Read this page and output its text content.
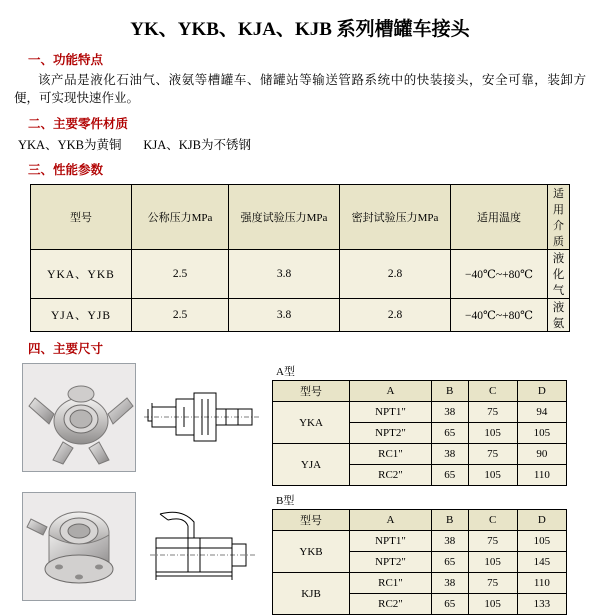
YK、YKB、KJA、KJB 系列槽罐车接头
一、功能特点
该产品是液化石油气、液氨等槽罐车、储罐站等输送管路系统中的快装接头，安全可靠，装卸方便，可实现快速作业。
二、主要零件材质
YKA、YKB为黄铜       KJA、KJB为不锈钢
三、性能参数
型号	公称压力MPa	强度试验压力MPa	密封试验压力MPa	适用温度	适用介质
YKA、YKB	2.5	3.8	2.8	−40℃~+80℃	液化气
YJA、YJB	2.5	3.8	2.8	−40℃~+80℃	液 氨
四、主要尺寸
A型
型号	A	B	C	D
YKA	NPT1"	38	75	94
	NPT2"	65	105	105
YJA	RC1"	38	75	90
	RC2"	65	105	110
B型
型号	A	B	C	D
YKB	NPT1"	38	75	105
	NPT2"	65	105	145
KJB	RC1"	38	75	110
	RC2"	65	105	133
